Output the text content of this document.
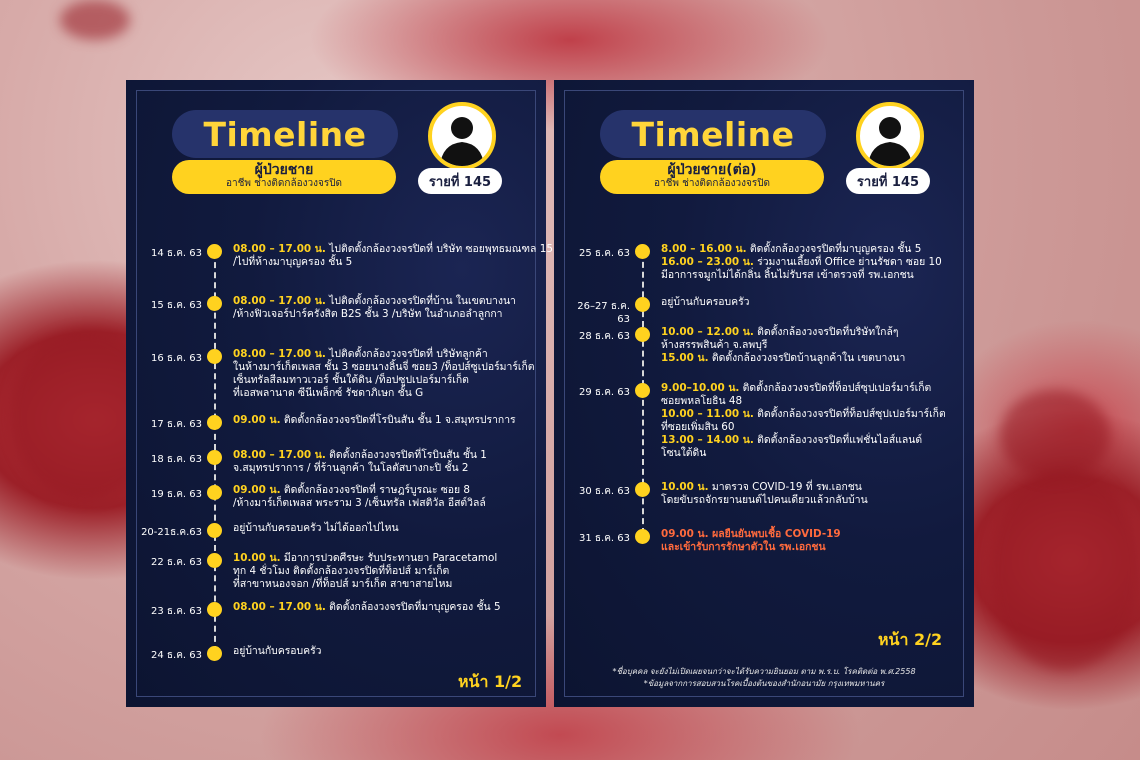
Timeline
ผู้ป่วยชาย
อาชีพ ช่างติดกล้องวงจรปิด	รายที่ 145
14 ธ.ค. 63	08.00 – 17.00 น. ไปติดตั้งกล้องวงจรปิดที่ บริษัท ซอยพุทธมณฑล 15
/ไปที่ห้างมาบุญครอง ชั้น 5
15 ธ.ค. 63	08.00 – 17.00 น. ไปติดตั้งกล้องวงจรปิดที่บ้าน ในเขตบางนา
/ห้างฟิวเจอร์ปาร์ครังสิต B2S ชั้น 3 /บริษัท ในอำเภอลำลูกกา
16 ธ.ค. 63	08.00 – 17.00 น. ไปติดตั้งกล้องวงจรปิดที่ บริษัทลูกค้า
ในห้างมาร์เก็ตเพลส ชั้น 3 ซอยนางลิ้นจี่ ซอย3 /ท็อปส์ซูเปอร์มาร์เก็ต
เซ็นทรัลสีลมทาวเวอร์ ชั้นใต้ดิน /ท็อปซูปเปอร์มาร์เก็ต
ที่เอสพลานาด ซีนีเพล็กซ์ รัชดาภิเษก ชั้น G
17 ธ.ค. 63	09.00 น. ติดตั้งกล้องวงจรปิดที่โรบินสัน ชั้น 1 จ.สมุทรปราการ
18 ธ.ค. 63	08.00 – 17.00 น. ติดตั้งกล้องวงจรปิดที่โรบินสัน ชั้น 1
จ.สมุทรปราการ / ที่ร้านลูกค้า ในโลตัสบางกะปิ ชั้น 2
19 ธ.ค. 63	09.00 น. ติดตั้งกล้องวงจรปิดที่ ราษฎร์บูรณะ ซอย 8
/ห้างมาร์เก็ตเพลส พระราม 3 /เซ็นทรัล เฟสติวัล อีสต์วิลล์
20-21ธ.ค.63	อยู่บ้านกับครอบครัว ไม่ได้ออกไปไหน
22 ธ.ค. 63	10.00 น. มีอาการปวดศีรษะ รับประทานยา Paracetamol
ทุก 4 ชั่วโมง ติดตั้งกล้องวงจรปิดที่ท็อปส์ มาร์เก็ต
ที่สาขาหนองจอก /ที่ท็อปส์ มาร์เก็ต สาขาสายไหม
23 ธ.ค. 63	08.00 – 17.00 น. ติดตั้งกล้องวงจรปิดที่มาบุญครอง ชั้น 5
24 ธ.ค. 63	อยู่บ้านกับครอบครัว
หน้า 1/2
Timeline
ผู้ป่วยชาย(ต่อ)
อาชีพ ช่างติดกล้องวงจรปิด	รายที่ 145
25 ธ.ค. 63	8.00 – 16.00 น. ติดตั้งกล้องวงจรปิดที่มาบุญครอง ชั้น 5
16.00 – 23.00 น. ร่วมงานเลี้ยงที่ Office ย่านรัชดา ซอย 10
มีอาการจมูกไม่ได้กลิ่น ลิ้นไม่รับรส เข้าตรวจที่ รพ.เอกชน
26–27 ธ.ค. 63
อยู่บ้านกับครอบครัว
28 ธ.ค. 63	10.00 – 12.00 น. ติดตั้งกล้องวงจรปิดที่บริษัทใกล้ๆ
ห้างสรรพสินค้า จ.ลพบุรี
15.00 น. ติดตั้งกล้องวงจรปิดบ้านลูกค้าใน เขตบางนา
29 ธ.ค. 63	9.00–10.00 น. ติดตั้งกล้องวงจรปิดที่ท็อปส์ซุปเปอร์มาร์เก็ต
ซอยพหลโยธิน 48
10.00 – 11.00 น. ติดตั้งกล้องวงจรปิดที่ท็อปส์ซุปเปอร์มาร์เก็ต
ที่ซอยเพิ่มสิน 60
13.00 – 14.00 น. ติดตั้งกล้องวงจรปิดที่แฟชั่นไอส์แลนด์
โซนใต้ดิน
30 ธ.ค. 63	10.00 น. มาตรวจ COVID-19 ที่ รพ.เอกชน
โดยขับรถจักรยานยนต์ไปคนเดียวแล้วกลับบ้าน
31 ธ.ค. 63	09.00 น. ผลยืนยันพบเชื้อ COVID-19
และเข้ารับการรักษาตัวใน รพ.เอกชน
หน้า 2/2
*ชื่อบุคคล จะยังไม่เปิดเผยจนกว่าจะได้รับความยินยอม ตาม พ.ร.บ. โรคติดต่อ พ.ศ.2558
*ข้อมูลจากการสอบสวนโรคเบื้องต้นของสำนักอนามัย กรุงเทพมหานคร
